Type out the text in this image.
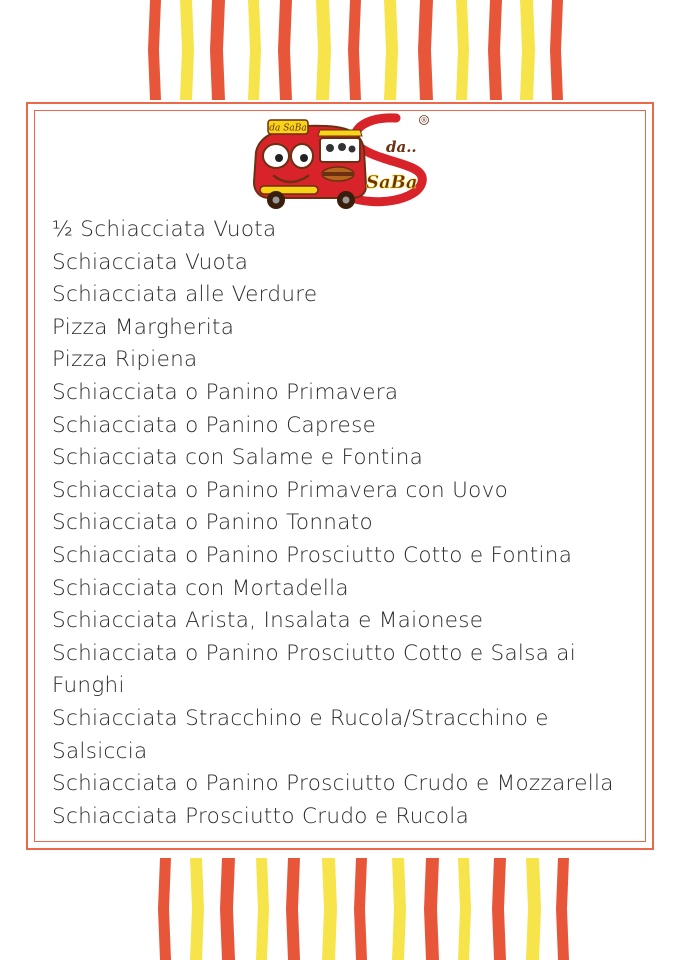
da SaBa
da..
SaBa
®
½ Schiacciata Vuota
Schiacciata Vuota
Schiacciata alle Verdure
Pizza Margherita
Pizza Ripiena
Schiacciata o Panino Primavera
Schiacciata o Panino Caprese
Schiacciata con Salame e Fontina
Schiacciata o Panino Primavera con Uovo
Schiacciata o Panino Tonnato
Schiacciata o Panino Prosciutto Cotto e Fontina
Schiacciata con Mortadella
Schiacciata Arista, Insalata e Maionese
Schiacciata o Panino Prosciutto Cotto e Salsa ai Funghi
Schiacciata Stracchino e Rucola/Stracchino e Salsiccia
Schiacciata o Panino Prosciutto Crudo e Mozzarella
Schiacciata Prosciutto Crudo e Rucola
